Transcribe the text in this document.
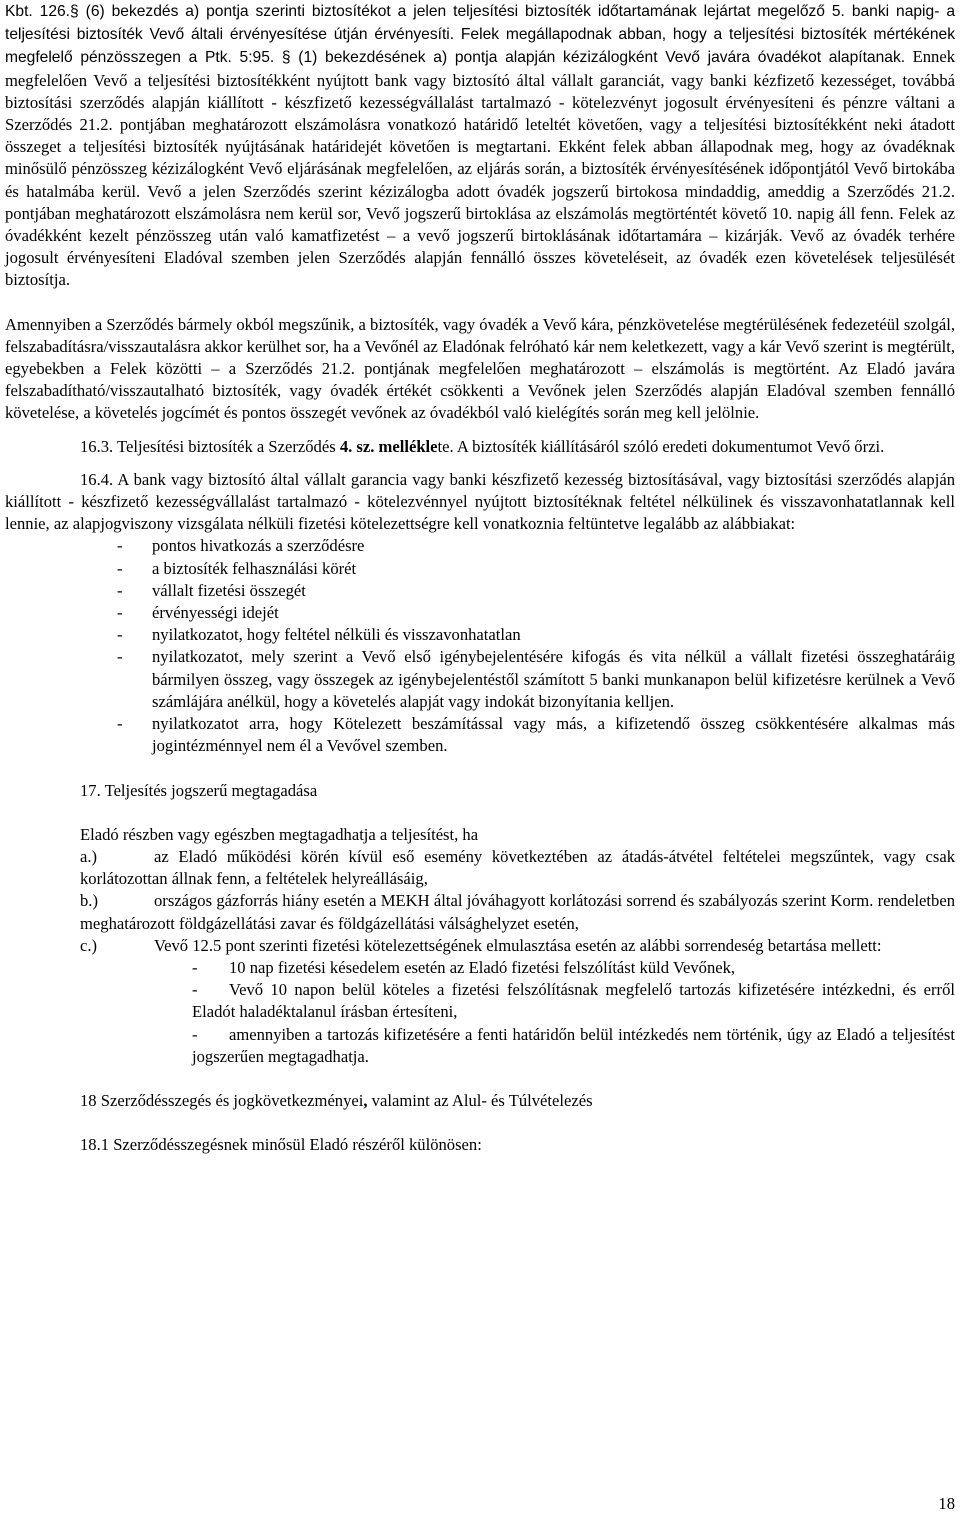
Kbt. 126.§ (6) bekezdés a) pontja szerinti biztosítékot a jelen teljesítési biztosíték időtartamának lejártat megelőző 5. banki napig- a teljesítési biztosíték Vevő általi érvényesítése útján érvényesíti. Felek megállapodnak abban, hogy a teljesítési biztosíték mértékének megfelelő pénzösszegen a Ptk. 5:95. § (1) bekezdésének a) pontja alapján kézizálogként Vevő javára óvadékot alapítanak. Ennek megfelelően Vevő a teljesítési biztosítékként nyújtott bank vagy biztosító által vállalt garanciát, vagy banki kézfizető kezességet, továbbá biztosítási szerződés alapján kiállított - készfizető kezességvállalást tartalmazó - kötelezvényt jogosult érvényesíteni és pénzre váltani a Szerződés 21.2. pontjában meghatározott elszámolásra vonatkozó határidő leteltét követően, vagy a teljesítési biztosítékként neki átadott összeget a teljesítési biztosíték nyújtásának határidejét követően is megtartani. Ekként felek abban állapodnak meg, hogy az óvadéknak minősülő pénzösszeg kézizálogként Vevő eljárásának megfelelően, az eljárás során, a biztosíték érvényesítésének időpontjától Vevő birtokába és hatalmába kerül. Vevő a jelen Szerződés szerint kézizálogba adott óvadék jogszerű birtokosa mindaddig, ameddig a Szerződés 21.2. pontjában meghatározott elszámolásra nem kerül sor, Vevő jogszerű birtoklása az elszámolás megtörténtét követő 10. napig áll fenn. Felek az óvadékként kezelt pénzösszeg után való kamatfizetést – a vevő jogszerű birtoklásának időtartamára – kizárják. Vevő az óvadék terhére jogosult érvényesíteni Eladóval szemben jelen Szerződés alapján fennálló összes követeléseit, az óvadék ezen követelések teljesülését biztosítja.

Amennyiben a Szerződés bármely okból megszűnik, a biztosíték, vagy óvadék a Vevő kára, pénzkövetelése megtérülésének fedezetéül szolgál, felszabadításra/visszautalásra akkor kerülhet sor, ha a Vevőnél az Eladónak felróható kár nem keletkezett, vagy a kár Vevő szerint is megtérült, egyebekben a Felek közötti – a Szerződés 21.2. pontjának megfelelően meghatározott – elszámolás is megtörtént. Az Eladó javára felszabadítható/visszautalható biztosíték, vagy óvadék értékét csökkenti a Vevőnek jelen Szerződés alapján Eladóval szemben fennálló követelése, a követelés jogcímét és pontos összegét vevőnek az óvadékból való kielégítés során meg kell jelölnie.

16.3. Teljesítési biztosíték a Szerződés 4. sz. melléklete. A biztosíték kiállításáról szóló eredeti dokumentumot Vevő őrzi.

16.4. A bank vagy biztosító által vállalt garancia vagy banki készfizető kezesség biztosításával, vagy biztosítási szerződés alapján kiállított - készfizető kezességvállalást tartalmazó - kötelezvénnyel nyújtott biztosítéknak feltétel nélkülinek és visszavonhatatlannak kell lennie, az alapjogviszony vizsgálata nélküli fizetési kötelezettségre kell vonatkoznia feltüntetve legalább az alábbiakat:

- pontos hivatkozás a szerződésre
- a biztosíték felhasználási körét
- vállalt fizetési összegét
- érvényességi idejét
- nyilatkozatot, hogy feltétel nélküli és visszavonhatatlan
- nyilatkozatot, mely szerint a Vevő első igénybejelentésére kifogás és vita nélkül a vállalt fizetési összeghatáráig bármilyen összeg, vagy összegek az igénybejelentéstől számított 5 banki munkanapon belül kifizetésre kerülnek a Vevő számlájára anélkül, hogy a követelés alapját vagy indokát bizonyítania kelljen.
- nyilatkozatot arra, hogy Kötelezett beszámítással vagy más, a kifizetendő összeg csökkentésére alkalmas más jogintézménnyel nem él a Vevővel szemben.

17. Teljesítés jogszerű megtagadása

Eladó részben vagy egészben megtagadhatja a teljesítést, ha

a.)	az Eladó működési körén kívül eső esemény következtében az átadás-átvétel feltételei megszűntek, vagy csak korlátozottan állnak fenn, a feltételek helyreállásáig,

b.)	országos gázforrás hiány esetén a MEKH által jóváhagyott korlátozási sorrend és szabályozás szerint Korm. rendeletben meghatározott földgázellátási zavar és földgázellátási válsághelyzet esetén,

c.)	Vevő 12.5 pont szerinti fizetési kötelezettségének elmulasztása esetén az alábbi sorrendeség betartása mellett:

- 10 nap fizetési késedelem esetén az Eladó fizetési felszólítást küld Vevőnek,
- Vevő 10 napon belül köteles a fizetési felszólításnak megfelelő tartozás kifizetésére intézkedni, és erről Eladót haladéktalanul írásban értesíteni,
- amennyiben a tartozás kifizetésére a fenti határidőn belül intézkedés nem történik, úgy az Eladó a teljesítést jogszerűen megtagadhatja.

18 Szerződésszegés és jogkövetkezményei, valamint az Alul- és Túlvételezés

18.1 Szerződésszegésnek minősül Eladó részéről különösen:

18
